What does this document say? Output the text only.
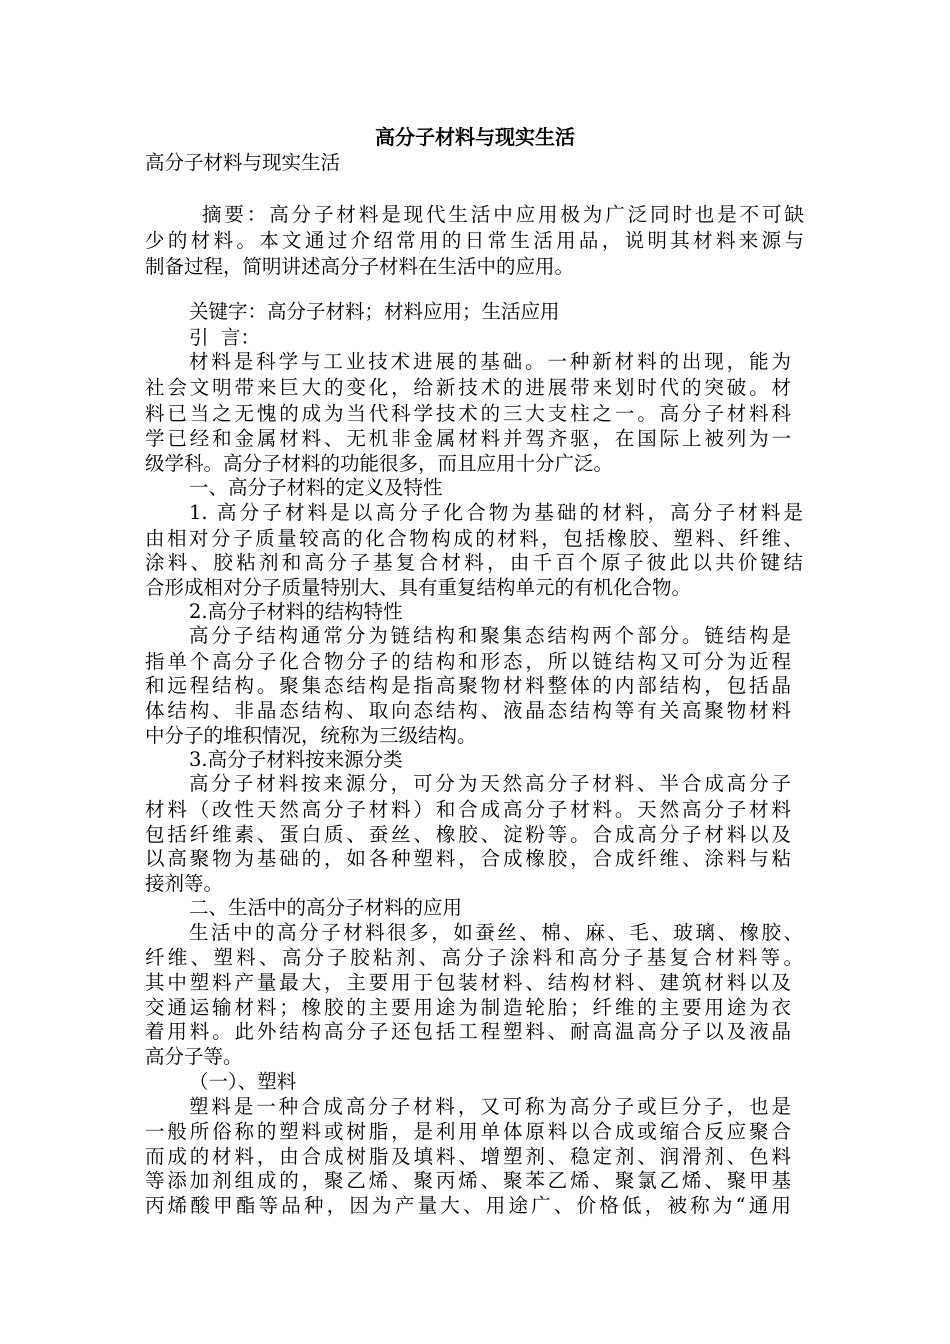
高分子材料与现实生活

高分子材料与现实生活

摘要：高分子材料是现代生活中应用极为广泛同时也是不可缺

少的材料。本文通过介绍常用的日常生活用品，说明其材料来源与

制备过程，简明讲述高分子材料在生活中的应用。

关键字：高分子材料；材料应用；生活应用

引  言：

材料是科学与工业技术进展的基础。一种新材料的出现，能为

社会文明带来巨大的变化，给新技术的进展带来划时代的突破。材

料已当之无愧的成为当代科学技术的三大支柱之一。高分子材料科

学已经和金属材料、无机非金属材料并驾齐驱，在国际上被列为一

级学科。高分子材料的功能很多，而且应用十分广泛。

一、高分子材料的定义及特性

1. 高分子材料是以高分子化合物为基础的材料，高分子材料是

由相对分子质量较高的化合物构成的材料，包括橡胶、塑料、纤维、

涂料、胶粘剂和高分子基复合材料，由千百个原子彼此以共价键结

合形成相对分子质量特别大、具有重复结构单元的有机化合物。

2.高分子材料的结构特性

高分子结构通常分为链结构和聚集态结构两个部分。链结构是

指单个高分子化合物分子的结构和形态，所以链结构又可分为近程

和远程结构。聚集态结构是指高聚物材料整体的内部结构，包括晶

体结构、非晶态结构、取向态结构、液晶态结构等有关高聚物材料

中分子的堆积情况，统称为三级结构。

3.高分子材料按来源分类

高分子材料按来源分，可分为天然高分子材料、半合成高分子

材料（改性天然高分子材料）和合成高分子材料。天然高分子材料

包括纤维素、蛋白质、蚕丝、橡胶、淀粉等。合成高分子材料以及

以高聚物为基础的，如各种塑料，合成橡胶，合成纤维、涂料与粘

接剂等。

二、生活中的高分子材料的应用

生活中的高分子材料很多，如蚕丝、棉、麻、毛、玻璃、橡胶、

纤维、塑料、高分子胶粘剂、高分子涂料和高分子基复合材料等。

其中塑料产量最大，主要用于包装材料、结构材料、建筑材料以及

交通运输材料；橡胶的主要用途为制造轮胎；纤维的主要用途为衣

着用料。此外结构高分子还包括工程塑料、耐高温高分子以及液晶

高分子等。

（一）、塑料

塑料是一种合成高分子材料，又可称为高分子或巨分子，也是

一般所俗称的塑料或树脂，是利用单体原料以合成或缩合反应聚合

而成的材料，由合成树脂及填料、增塑剂、稳定剂、润滑剂、色料

等添加剂组成的，聚乙烯、聚丙烯、聚苯乙烯、聚氯乙烯、聚甲基

丙烯酸甲酯等品种，因为产量大、用途广、价格低，被称为“通用
